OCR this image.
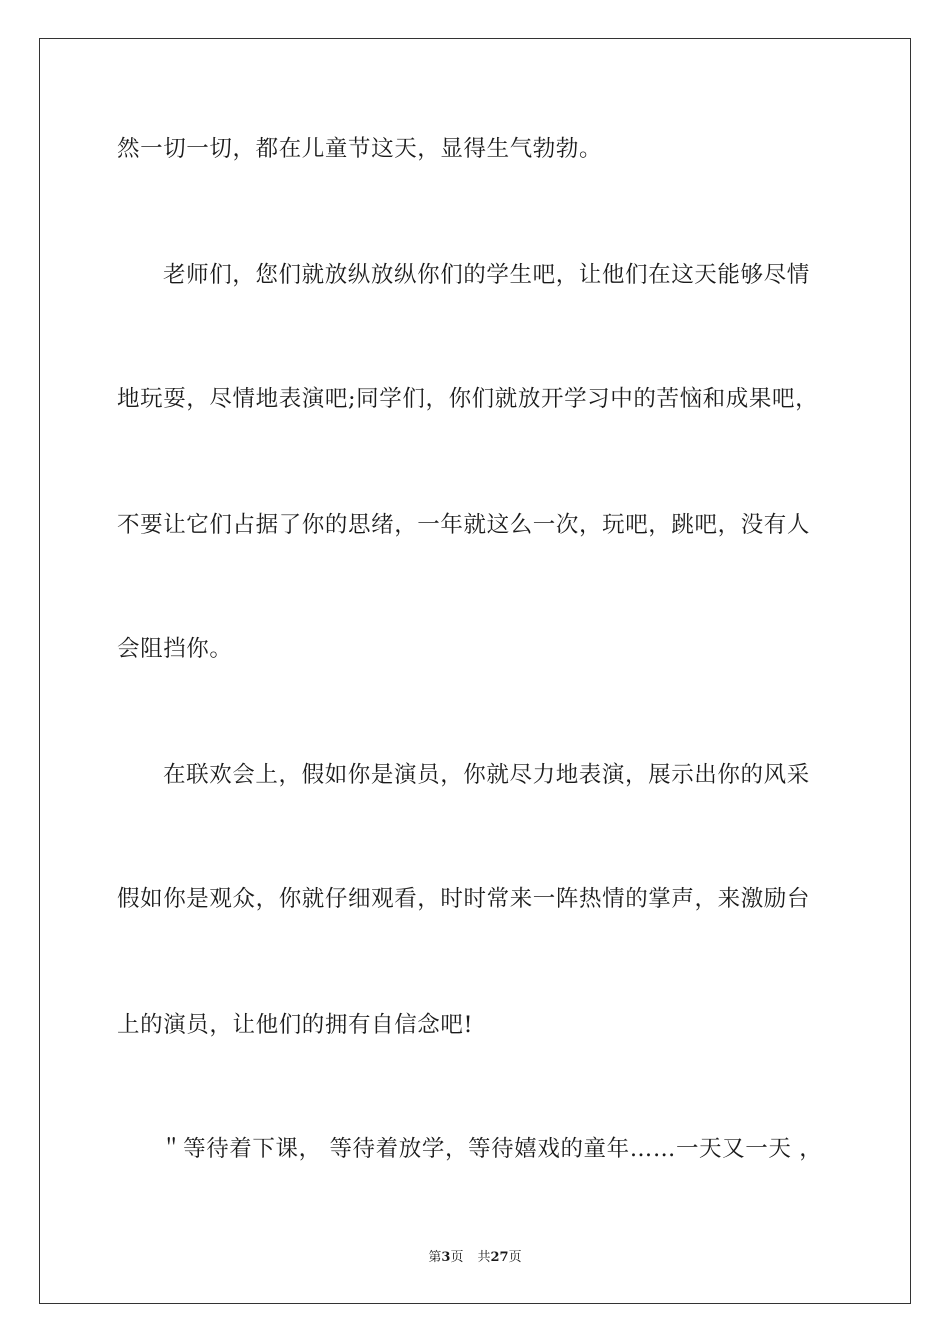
然一切一切，都在儿童节这天，显得生气勃勃。
老师们，您们就放纵放纵你们的学生吧，让他们在这天能够尽情
地玩耍，尽情地表演吧;同学们，你们就放开学习中的苦恼和成果吧，
不要让它们占据了你的思绪，一年就这么一次，玩吧，跳吧，没有人
会阻挡你。
在联欢会上，假如你是演员，你就尽力地表演，展示出你的风采
假如你是观众，你就仔细观看，时时常来一阵热情的掌声，来激励台
上的演员，让他们的拥有自信念吧!
＂等待着下课， 等待着放学，等待嬉戏的童年……一天又一天 ，
第3页 共27页
